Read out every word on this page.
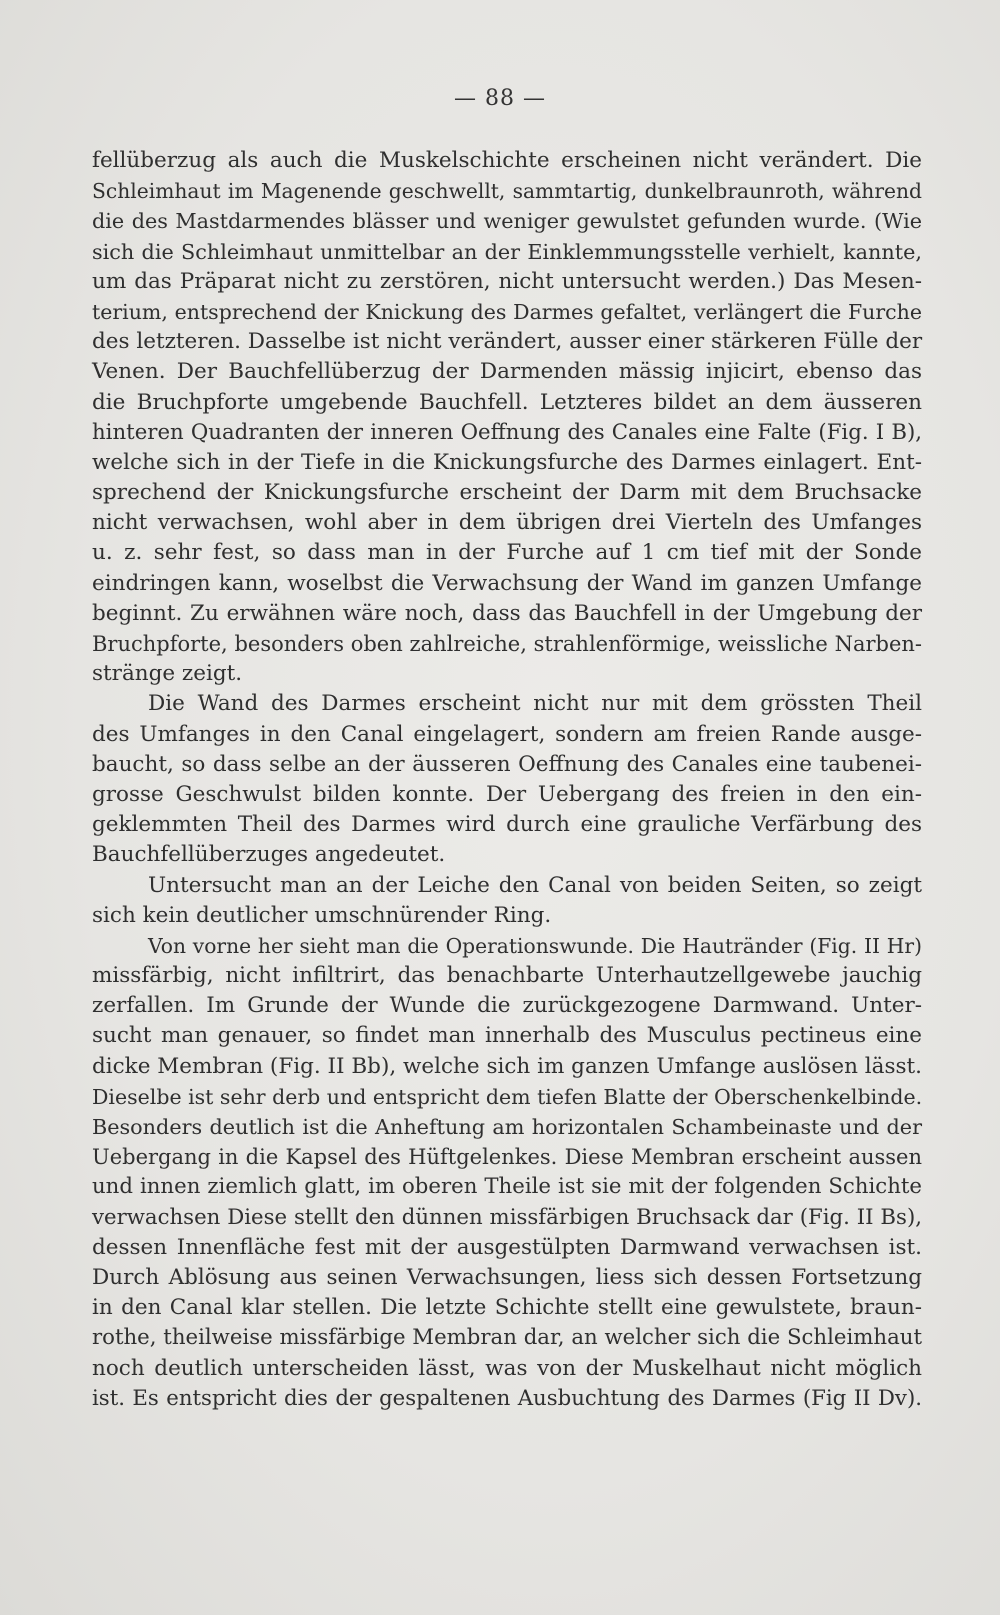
— 88 —
fellüberzug als auch die Muskelschichte erscheinen nicht verändert. Die
Schleimhaut im Magenende geschwellt, sammtartig, dunkelbraunroth, während
die des Mastdarmendes blässer und weniger gewulstet gefunden wurde. (Wie
sich die Schleimhaut unmittelbar an der Einklemmungsstelle verhielt, kannte,
um das Präparat nicht zu zerstören, nicht untersucht werden.) Das Mesen-
terium, entsprechend der Knickung des Darmes gefaltet, verlängert die Furche
des letzteren. Dasselbe ist nicht verändert, ausser einer stärkeren Fülle der
Venen. Der Bauchfellüberzug der Darmenden mässig injicirt, ebenso das
die Bruchpforte umgebende Bauchfell. Letzteres bildet an dem äusseren
hinteren Quadranten der inneren Oeffnung des Canales eine Falte (Fig. I B),
welche sich in der Tiefe in die Knickungsfurche des Darmes einlagert. Ent-
sprechend der Knickungsfurche erscheint der Darm mit dem Bruchsacke
nicht verwachsen, wohl aber in dem übrigen drei Vierteln des Umfanges
u. z. sehr fest, so dass man in der Furche auf 1 cm tief mit der Sonde
eindringen kann, woselbst die Verwachsung der Wand im ganzen Umfange
beginnt. Zu erwähnen wäre noch, dass das Bauchfell in der Umgebung der
Bruchpforte, besonders oben zahlreiche, strahlenförmige, weissliche Narben-
stränge zeigt.
Die Wand des Darmes erscheint nicht nur mit dem grössten Theil
des Umfanges in den Canal eingelagert, sondern am freien Rande ausge-
baucht, so dass selbe an der äusseren Oeffnung des Canales eine taubenei-
grosse Geschwulst bilden konnte. Der Uebergang des freien in den ein-
geklemmten Theil des Darmes wird durch eine grauliche Verfärbung des
Bauchfellüberzuges angedeutet.
Untersucht man an der Leiche den Canal von beiden Seiten, so zeigt
sich kein deutlicher umschnürender Ring.
Von vorne her sieht man die Operationswunde. Die Hautränder (Fig. II Hr)
missfärbig, nicht infiltrirt, das benachbarte Unterhautzellgewebe jauchig
zerfallen. Im Grunde der Wunde die zurückgezogene Darmwand. Unter-
sucht man genauer, so findet man innerhalb des Musculus pectineus eine
dicke Membran (Fig. II Bb), welche sich im ganzen Umfange auslösen lässt.
Dieselbe ist sehr derb und entspricht dem tiefen Blatte der Oberschenkelbinde.
Besonders deutlich ist die Anheftung am horizontalen Schambeinaste und der
Uebergang in die Kapsel des Hüftgelenkes. Diese Membran erscheint aussen
und innen ziemlich glatt, im oberen Theile ist sie mit der folgenden Schichte
verwachsen Diese stellt den dünnen missfärbigen Bruchsack dar (Fig. II Bs),
dessen Innenfläche fest mit der ausgestülpten Darmwand verwachsen ist.
Durch Ablösung aus seinen Verwachsungen, liess sich dessen Fortsetzung
in den Canal klar stellen. Die letzte Schichte stellt eine gewulstete, braun-
rothe, theilweise missfärbige Membran dar, an welcher sich die Schleimhaut
noch deutlich unterscheiden lässt, was von der Muskelhaut nicht möglich
ist. Es entspricht dies der gespaltenen Ausbuchtung des Darmes (Fig II Dv).
